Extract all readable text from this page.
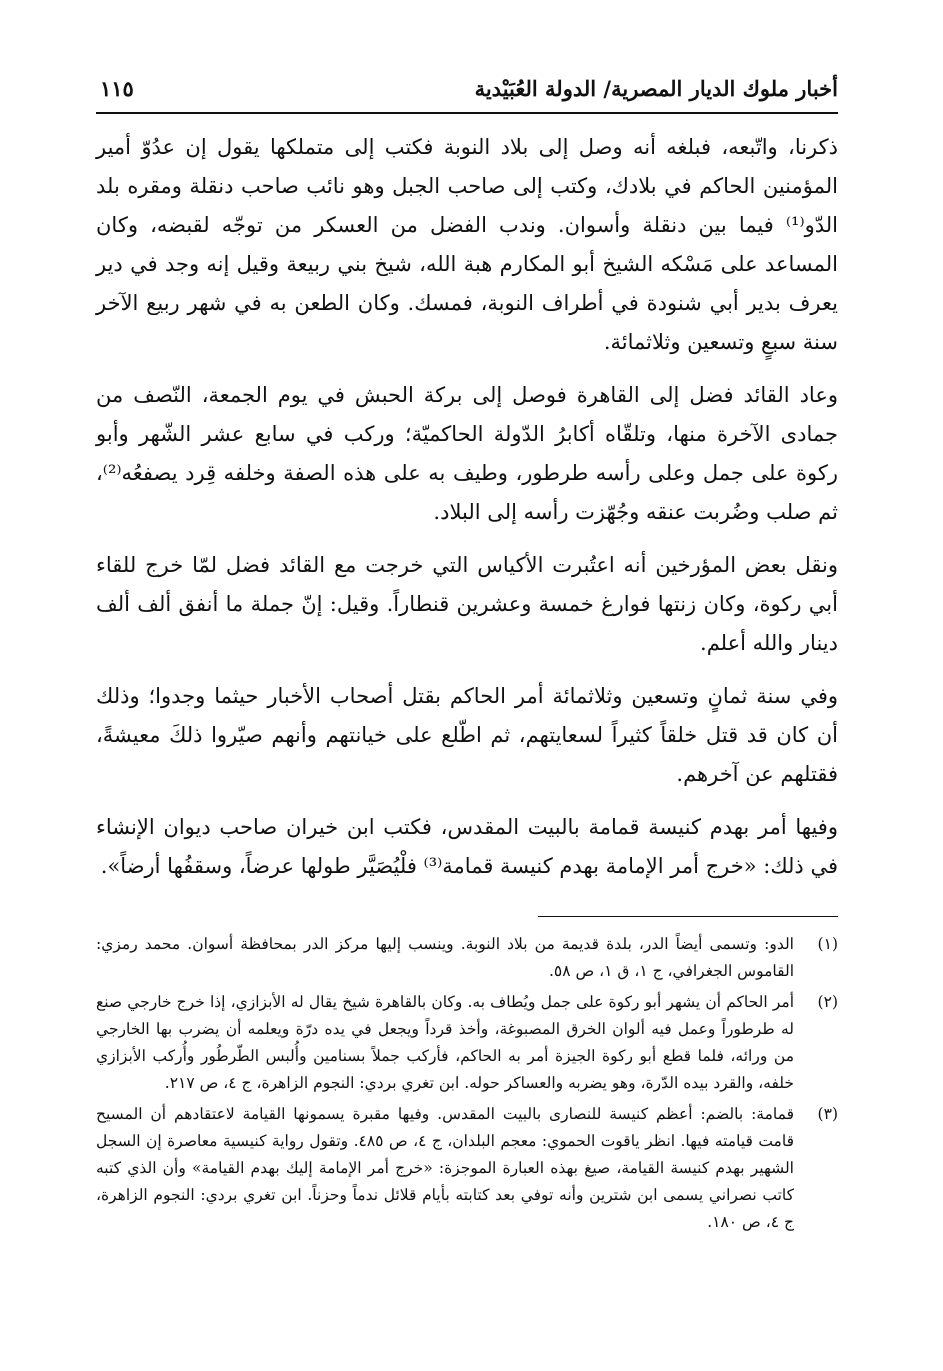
أخبار ملوك الديار المصرية/ الدولة العُبَيْدية
١١٥

ذكرنا، واتّبعه، فبلغه أنه وصل إلى بلاد النوبة فكتب إلى متملكها يقول إن عدُوّ أمير المؤمنين الحاكم في بلادك، وكتب إلى صاحب الجبل وهو نائب صاحب دنقلة ومقره بلد الدّو⁽¹⁾ فيما بين دنقلة وأسوان. وندب الفضل من العسكر من توجّه لقبضه، وكان المساعد على مَسْكه الشيخ أبو المكارم هبة الله، شيخ بني ربيعة وقيل إنه وجد في دير يعرف بدير أبي شنودة في أطراف النوبة، فمسك. وكان الطعن به في شهر ربيع الآخر سنة سبعٍ وتسعين وثلاثمائة.

وعاد القائد فضل إلى القاهرة فوصل إلى بركة الحبش في يوم الجمعة، النّصف من جمادى الآخرة منها، وتلقّاه أكابرُ الدّولة الحاكميّة؛ وركب في سابع عشر الشّهر وأبو ركوة على جمل وعلى رأسه طرطور، وطيف به على هذه الصفة وخلفه قِرد يصفعُه⁽²⁾، ثم صلب وضُربت عنقه وجُهّزت رأسه إلى البلاد.

ونقل بعض المؤرخين أنه اعتُبرت الأكياس التي خرجت مع القائد فضل لمّا خرج للقاء أبي ركوة، وكان زنتها فوارغ خمسة وعشرين قنطاراً. وقيل: إنّ جملة ما أنفق ألف ألف دينار والله أعلم.

وفي سنة ثمانٍ وتسعين وثلاثمائة أمر الحاكم بقتل أصحاب الأخبار حيثما وجدوا؛ وذلك أن كان قد قتل خلقاً كثيراً لسعايتهم، ثم اطّلع على خيانتهم وأنهم صيّروا ذلكَ معيشةً، فقتلهم عن آخرهم.

وفيها أمر بهدم كنيسة قمامة بالبيت المقدس، فكتب ابن خيران صاحب ديوان الإنشاء في ذلك: «خرج أمر الإمامة بهدم كنيسة قمامة⁽³⁾ فلْيُصَيَّر طولها عرضاً، وسقفُها أرضاً».

(١)
الدو: وتسمى أيضاً الدر، بلدة قديمة من بلاد النوبة. وينسب إليها مركز الدر بمحافظة أسوان. محمد رمزي: القاموس الجغرافي، ج ١، ق ١، ص ٥٨.
(٢)
أمر الحاكم أن يشهر أبو ركوة على جمل ويُطاف به. وكان بالقاهرة شيخ يقال له الأبزازي، إذا خرج خارجي صنع له طرطوراً وعمل فيه ألوان الخرق المصبوغة، وأخذ قرداً ويجعل في يده درّة ويعلمه أن يضرب بها الخارجي من ورائه، فلما قطع أبو ركوة الجيزة أمر به الحاكم، فأركب جملاً بسنامين وأُلبس الطّرطُور وأُركب الأبزازي خلفه، والقرد بيده الدّرة، وهو يضربه والعساكر حوله. ابن تغري بردي: النجوم الزاهرة، ج ٤، ص ٢١٧.
(٣)
قمامة: بالضم: أعظم كنيسة للنصارى بالبيت المقدس. وفيها مقبرة يسمونها القيامة لاعتقادهم أن المسيح قامت قيامته فيها. انظر ياقوت الحموي: معجم البلدان، ج ٤، ص ٤٨٥. وتقول رواية كنيسية معاصرة إن السجل الشهير بهدم كنيسة القيامة، صيغ بهذه العبارة الموجزة: «خرج أمر الإمامة إليك بهدم القيامة» وأن الذي كتبه كاتب نصراني يسمى ابن شترين وأنه توفي بعد كتابته بأيام قلائل ندماً وحزناً. ابن تغري بردي: النجوم الزاهرة، ج ٤، ص ١٨٠.
